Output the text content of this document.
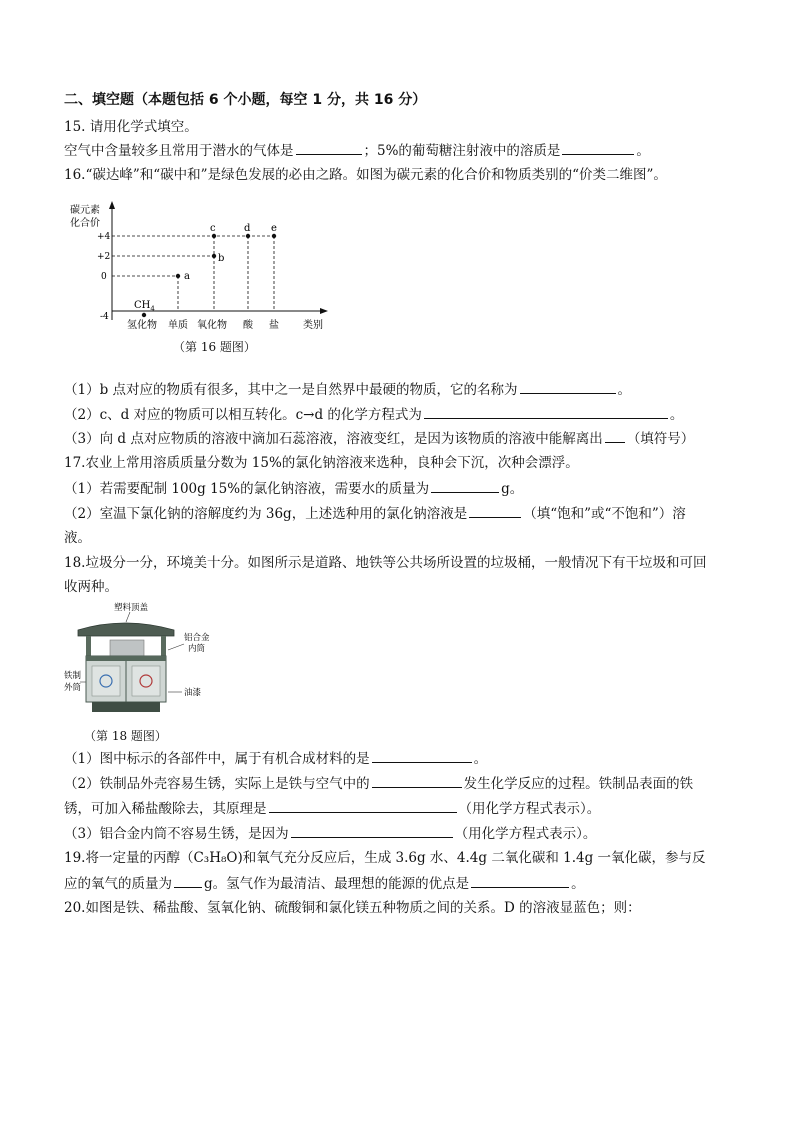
二、填空题（本题包括 6 个小题，每空 1 分，共 16 分）
15. 请用化学式填空。
空气中含量较多且常用于潜水的气体是	；5%的葡萄糖注射液中的溶质是	。
16.“碳达峰”和“碳中和”是绿色发展的必由之路。如图为碳元素的化合价和物质类别的“价类二维图”。
碳元素
化合价
+4
+2
0
-4
$CH_4$
a
b
c	d e
氢化物 单质 氧化物 酸 盐 类别
（第 16 题图）
（1）b 点对应的物质有很多，其中之一是自然界中最硬的物质，它的名称为	。
（2）c、d 对应的物质可以相互转化。c→d 的化学方程式为	。
（3）向 d 点对应物质的溶液中滴加石蕊溶液，溶液变红，是因为该物质的溶液中能解离出 （填符号）
17.农业上常用溶质质量分数为 15%的氯化钠溶液来选种，良种会下沉，次种会漂浮。
（1）若需要配制 100g 15%的氯化钠溶液，需要水的质量为	g。
（2）室温下氯化钠的溶解度约为 36g，上述选种用的氯化钠溶液是	（填“饱和”或“不饱和”）溶
液。
18.垃圾分一分，环境美十分。如图所示是道路、地铁等公共场所设置的垃圾桶，一般情况下有干垃圾和可回
收两种。
塑料顶盖
铝合金
内筒
铁制
外筒	油漆
（第 18 题图）
（1）图中标示的各部件中，属于有机合成材料的是	。
（2）铁制品外壳容易生锈，实际上是铁与空气中的	发生化学反应的过程。铁制品表面的铁
锈，可加入稀盐酸除去，其原理是	（用化学方程式表示）。
（3）铝合金内筒不容易生锈，是因为	（用化学方程式表示）。
19.将一定量的丙醇（C₃H₈O)和氧气充分反应后，生成 3.6g 水、4.4g 二氧化碳和 1.4g 一氧化碳，参与反
应的氧气的质量为 g。氢气作为最清洁、最理想的能源的优点是	。
20.如图是铁、稀盐酸、氢氧化钠、硫酸铜和氯化镁五种物质之间的关系。D 的溶液显蓝色；则：
